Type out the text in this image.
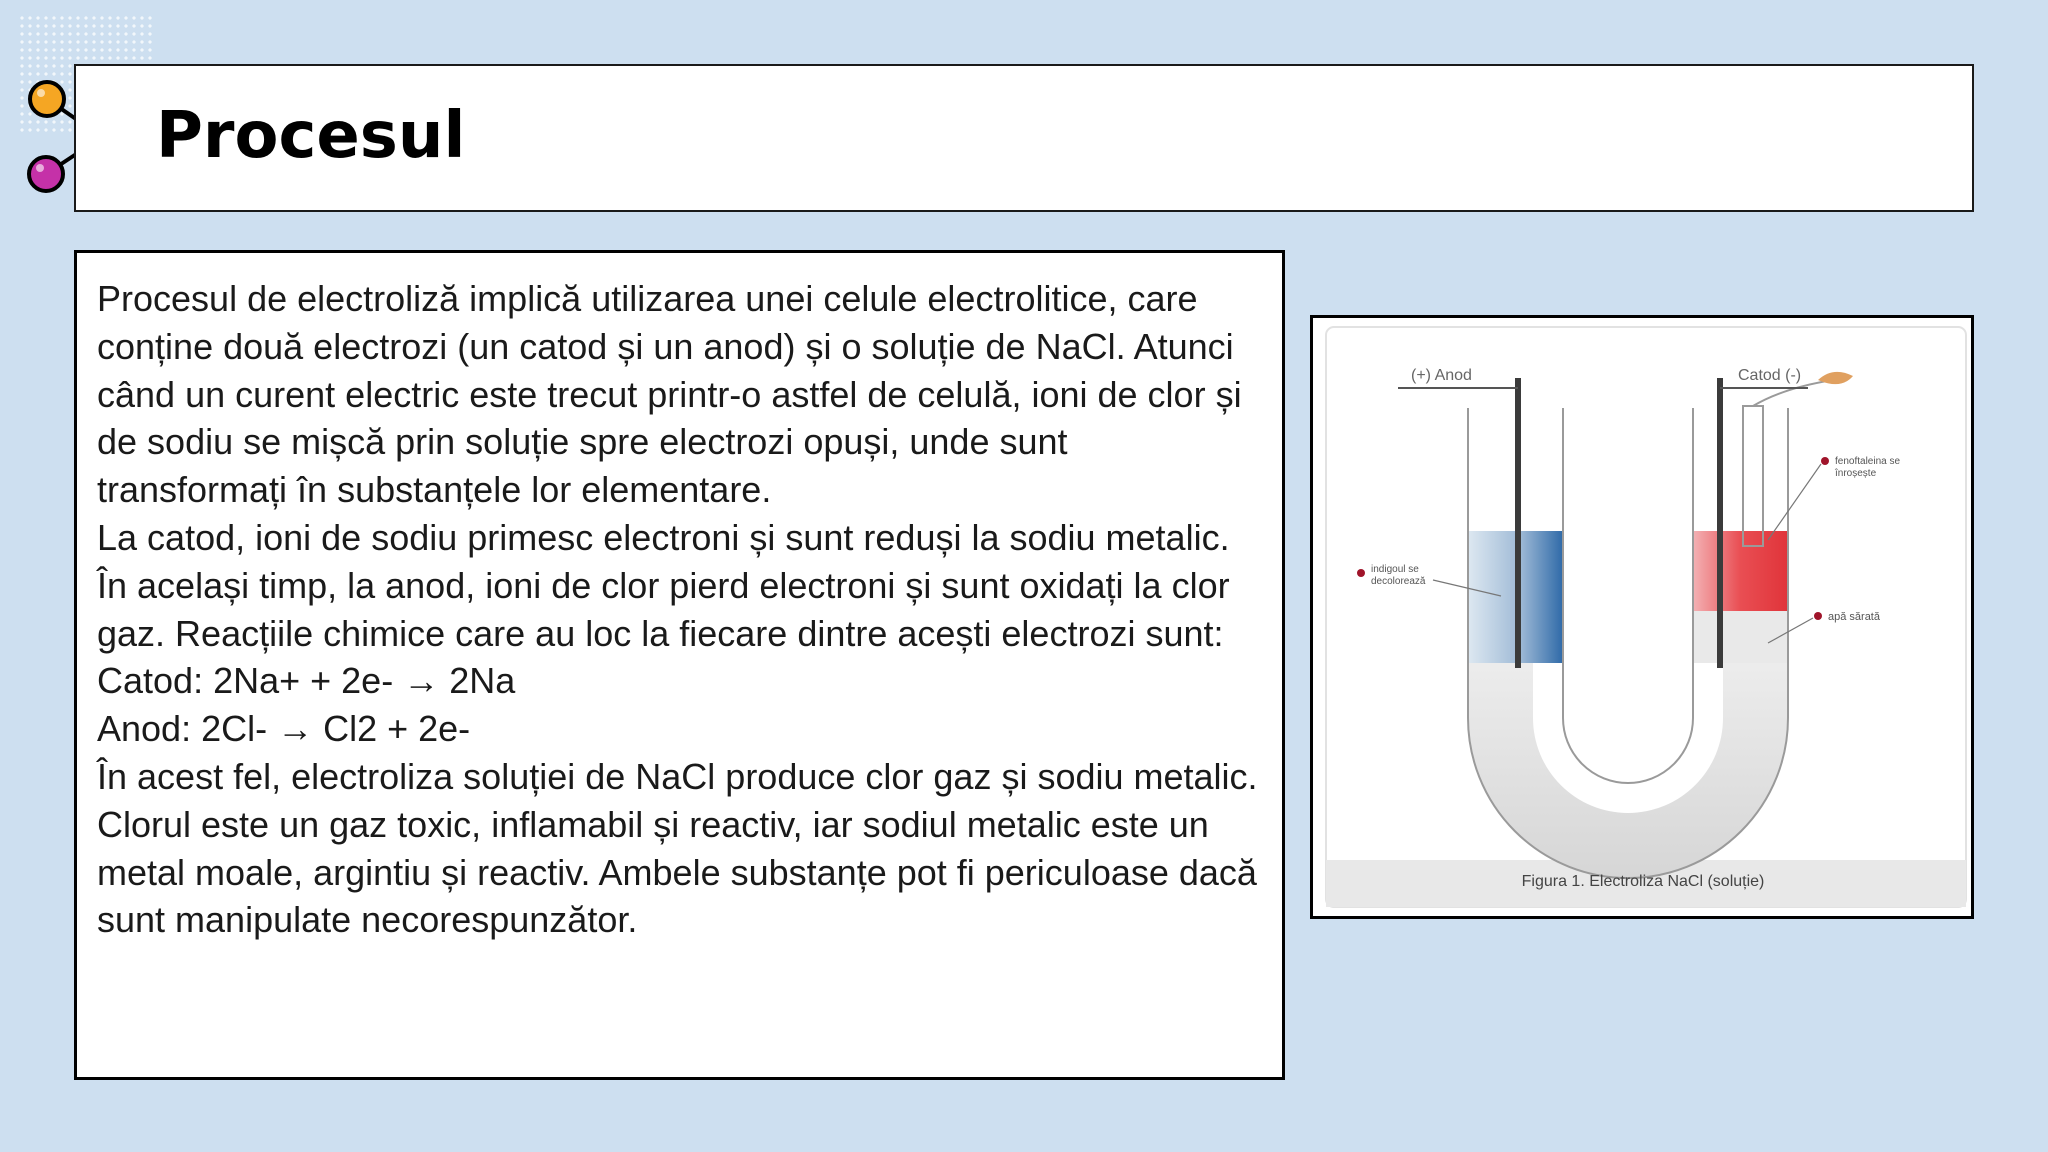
Procesul

Procesul de electroliză implică utilizarea unei celule electrolitice, care conține două electrozi (un catod și un anod) și o soluție de NaCl. Atunci când un curent electric este trecut printr-o astfel de celulă, ioni de clor și de sodiu se mișcă prin soluție spre electrozi opuși, unde sunt transformați în substanțele lor elementare.

La catod, ioni de sodiu primesc electroni și sunt reduși la sodiu metalic. În același timp, la anod, ioni de clor pierd electroni și sunt oxidați la clor gaz. Reacțiile chimice care au loc la fiecare dintre acești electrozi sunt:

Catod: 2Na+ + 2e- → 2Na

Anod: 2Cl- → Cl2 + 2e-

În acest fel, electroliza soluției de NaCl produce clor gaz și sodiu metalic. Clorul este un gaz toxic, inflamabil și reactiv, iar sodiul metalic este un metal moale, argintiu și reactiv. Ambele substanțe pot fi periculoase dacă sunt manipulate necorespunzător.

(+) Anod	Catod (-)
indigoul se
decolorează
fenoftaleina se
înroșește
apă sărată
Figura 1. Electroliza NaCl (soluție)
